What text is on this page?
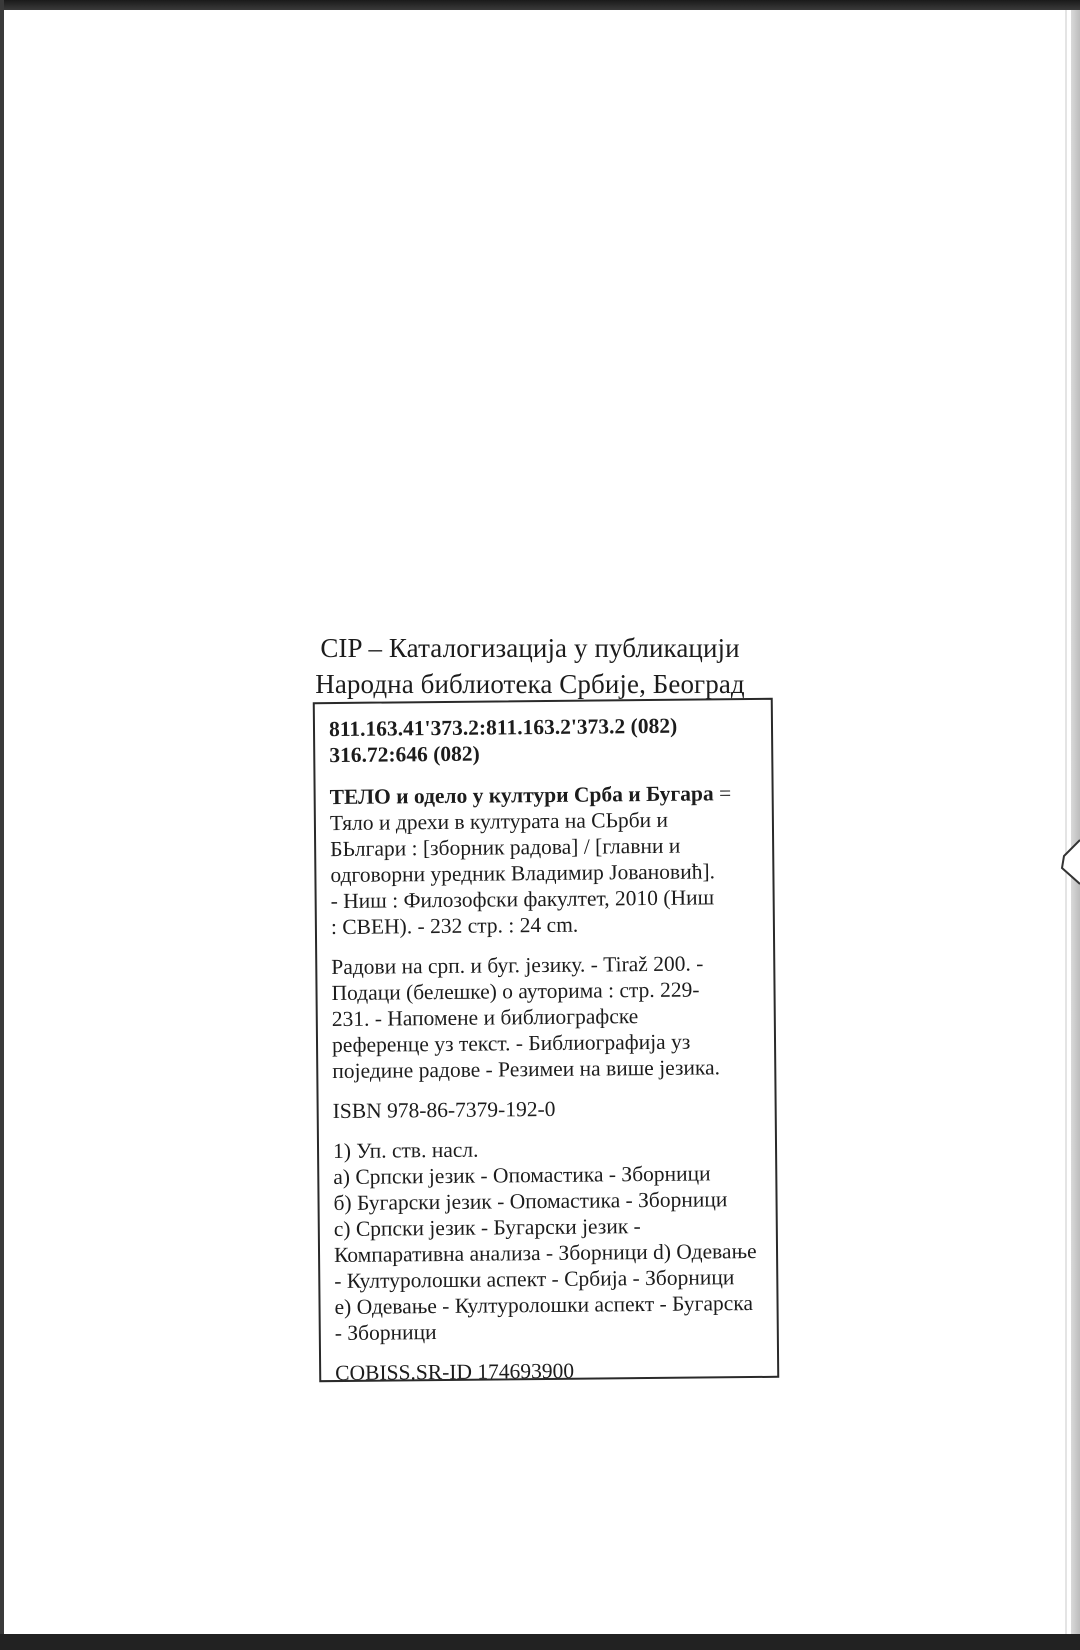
CIP – Каталогизација у публикацији
Народна библиотека Србије, Београд
811.163.41'373.2:811.163.2'373.2 (082)
316.72:646 (082)
ТЕЛО и одело у култури Срба и Бугара =
Тяло и дрехи в културата на СЬрби и
БЬлгари : [зборник радова] / [главни и
одговорни уредник Владимир Јовановић].
- Ниш : Филозофски факултет, 2010 (Ниш
: СВЕН). - 232 стр. : 24 cm.
Радови на срп. и буг. језику. - Tiraž 200. -
Подаци (белешке) о ауторима : стр. 229-
231. - Напомене и библиографске
референце уз текст. - Библиографија уз
поједине радове - Резимеи на више језика.
ISBN 978-86-7379-192-0
1) Уп. ств. насл.
а) Српски језик - Опомастика - Зборници
б) Бугарски језик - Опомастика - Зборници
с) Српски језик - Бугарски језик -
Компаративна анализа - Зборници d) Одевање
- Културолошки аспект - Србија - Зборници
е) Одевање - Културолошки аспект - Бугарска
- Зборници
COBISS.SR-ID 174693900
